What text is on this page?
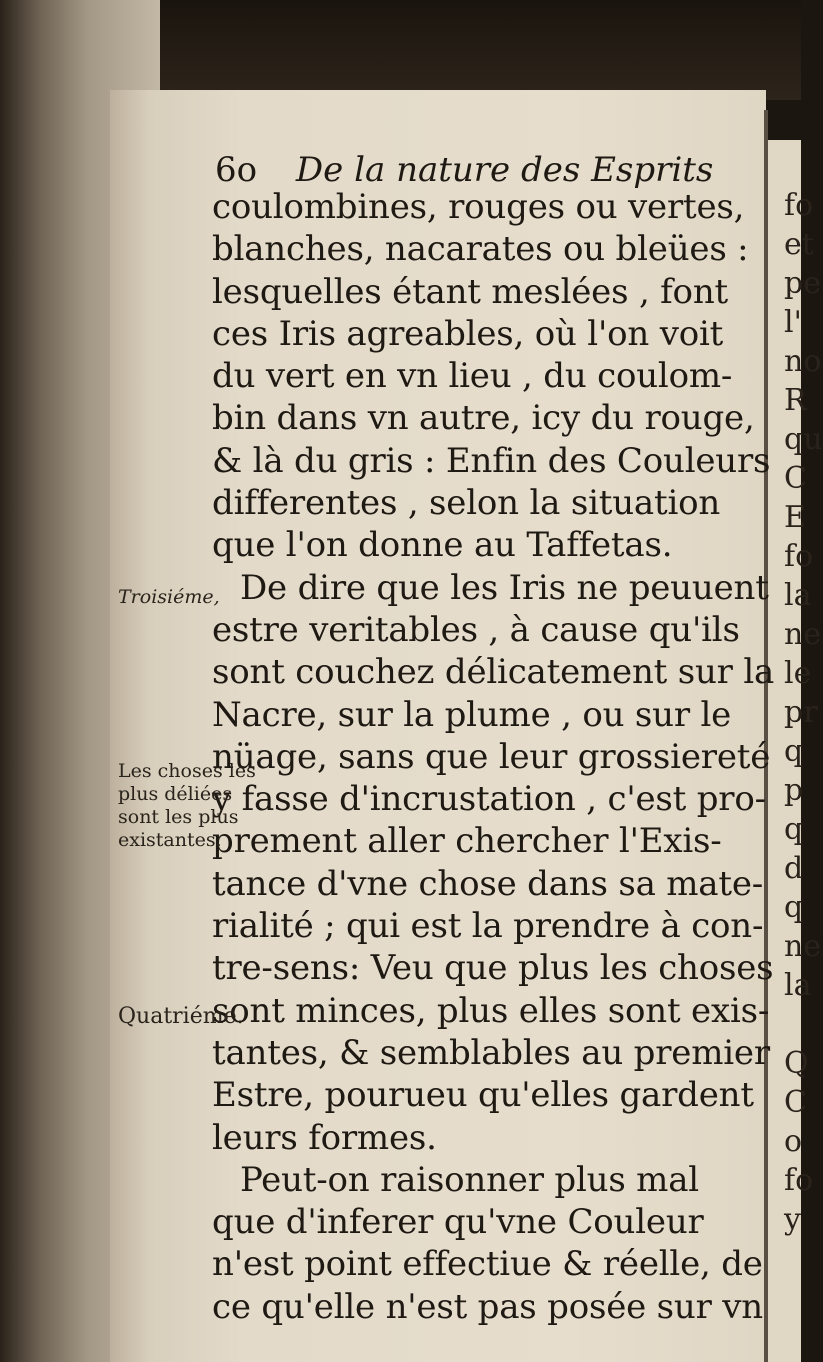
6o De la nature des Esprits
coulombines, rouges ou vertes,
blanches, nacarates ou bleües :
lesquelles étant meslées , font
ces Iris agreables, où l'on voit
du vert en vn lieu , du coulom-
bin dans vn autre, icy du rouge,
& là du gris : Enfin des Couleurs
differentes , selon la situation
que l'on donne au Taffetas.
De dire que les Iris ne peuuent
estre veritables , à cause qu'ils
sont couchez délicatement sur la
Nacre, sur la plume , ou sur le
nüage, sans que leur grossiereté
y fasse d'incrustation , c'est pro-
prement aller chercher l'Exis-
tance d'vne chose dans sa mate-
rialité ; qui est la prendre à con-
tre-sens: Veu que plus les choses
sont minces, plus elles sont exis-
tantes, & semblables au premier
Estre, pourueu qu'elles gardent
leurs formes.
Peut-on raisonner plus mal
que d'inferer qu'vne Couleur
n'est point effectiue & réelle, de
ce qu'elle n'est pas posée sur vn
Troisiéme,
Les choses les
plus déliées
sont les plus
existantes.
Quatriéme.
fo
et
pe
l'
no
R
qu
C
E
fo
la
ne
le
pr
q
p
q
d
q
ne
la

Q
C
o
fo
y
